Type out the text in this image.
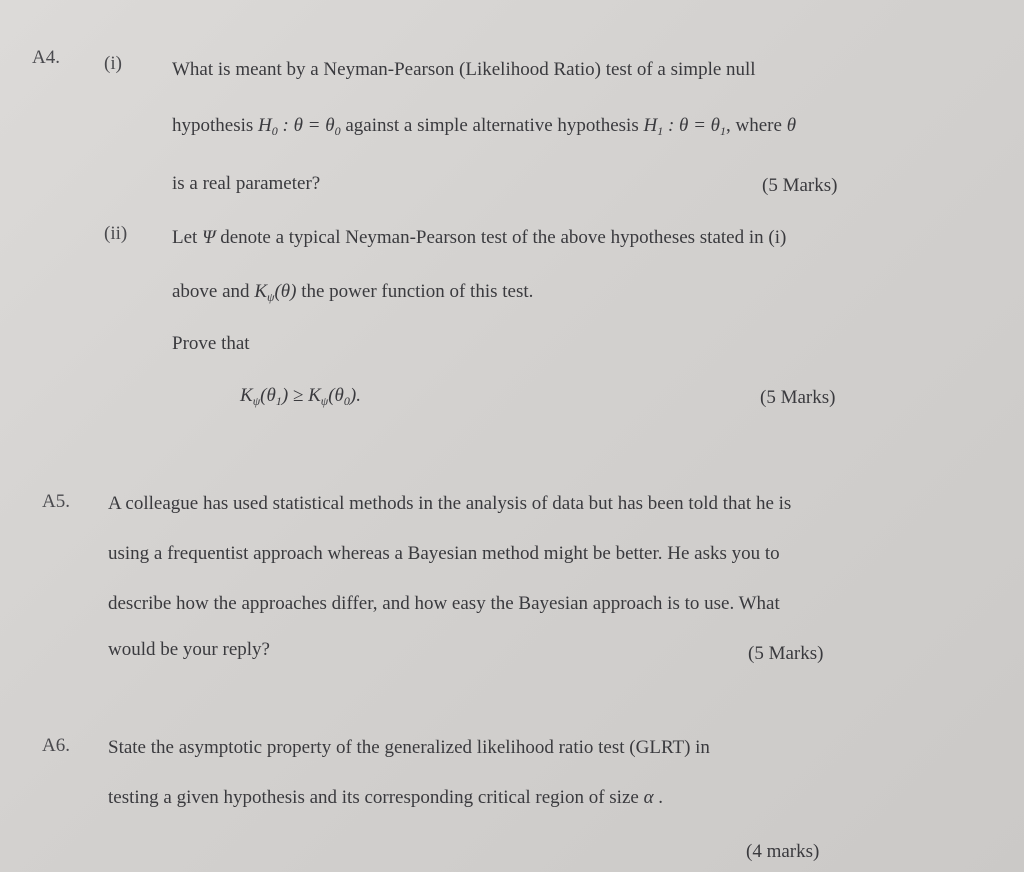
A4. (i)	What is meant by a Neyman-Pearson (Likelihood Ratio) test of a simple null
hypothesis $H_0$ : $\theta = \theta_0$ against a simple alternative hypothesis $H_1$ : $\theta = \theta_1$, where θ
is a real parameter?	(5 Marks)
(ii) Let Ψ denote a typical Neyman-Pearson test of the above hypotheses stated in (i)
above and $K_\psi(\theta)$ the power function of this test.
Prove that
$K_\psi(\theta_1) \ge K_\psi(\theta_0)$.	(5 Marks)
A5. A colleague has used statistical methods in the analysis of data but has been told that he is
using a frequentist approach whereas a Bayesian method might be better. He asks you to
describe how the approaches differ, and how easy the Bayesian approach is to use. What
would be your reply?	(5 Marks)
A6. State the asymptotic property of the generalized likelihood ratio test (GLRT) in
testing a given hypothesis and its corresponding critical region of size α .
(4 marks)
